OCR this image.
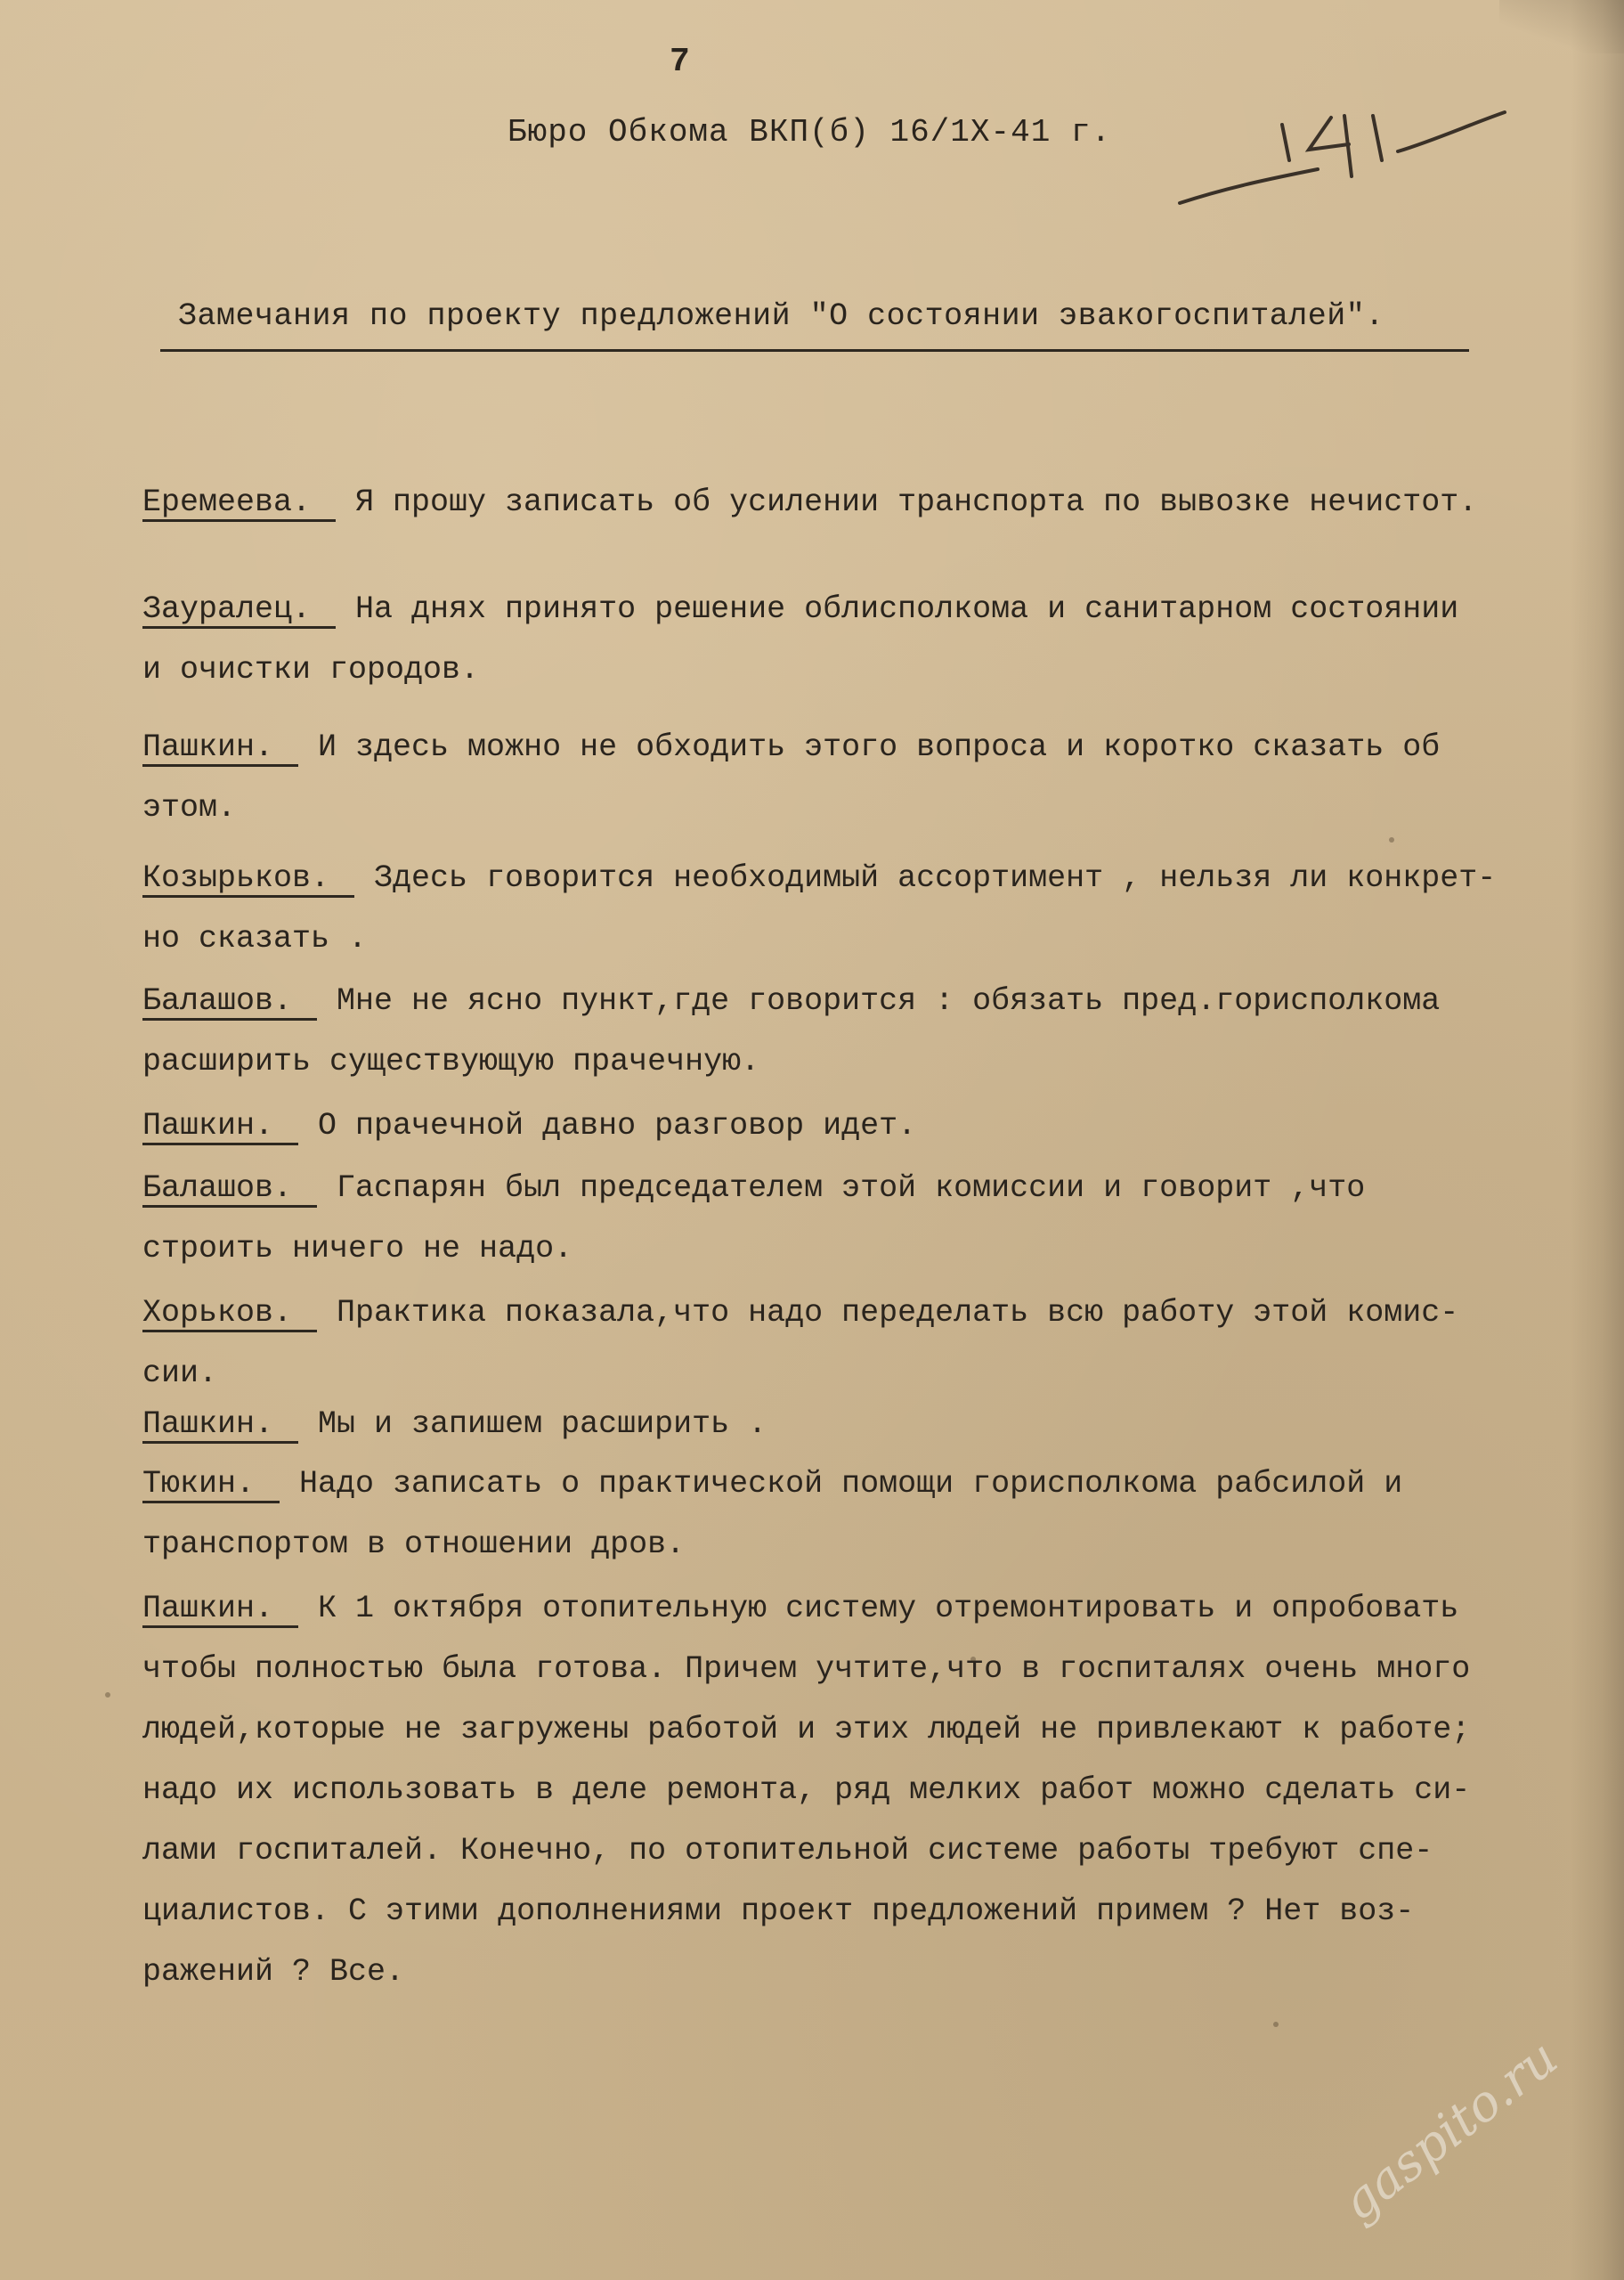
7
Бюро Обкома ВКП(б) 16/1Х-41 г.
Замечания по проекту предложений "О состоянии эвакогоспиталей".
Еремеева. Я прошу записать об усилении транспорта по вывозке нечистот.
Зауралец. На днях принято решение облисполкома и санитарном состоянии
и очистки городов.
Пашкин. И здесь можно не обходить этого вопроса и коротко сказать об
этом.
Козырьков. Здесь говорится необходимый ассортимент , нельзя ли конкрет-
но сказать .
Балашов. Мне не ясно пункт,где говорится : обязать пред.горисполкома
расширить существующую прачечную.
Пашкин. О прачечной давно разговор идет.
Балашов. Гаспарян был председателем этой комиссии и говорит ,что
строить ничего не надо.
Хорьков. Практика показала,что надо переделать всю работу этой комис-
сии.
Пашкин. Мы и запишем расширить .
Тюкин. Надо записать о практической помощи горисполкома рабсилой и
транспортом в отношении дров.
Пашкин. К 1 октября отопительную систему отремонтировать и опробовать
чтобы полностью была готова. Причем учтите,что в госпиталях очень много
людей,которые не загружены работой и этих людей не привлекают к работе;
надо их использовать в деле ремонта, ряд мелких работ можно сделать си-
лами госпиталей. Конечно, по отопительной системе работы требуют спе-
циалистов. С этими дополнениями проект предложений примем ? Нет воз-
ражений ? Все.
gaspito.ru
